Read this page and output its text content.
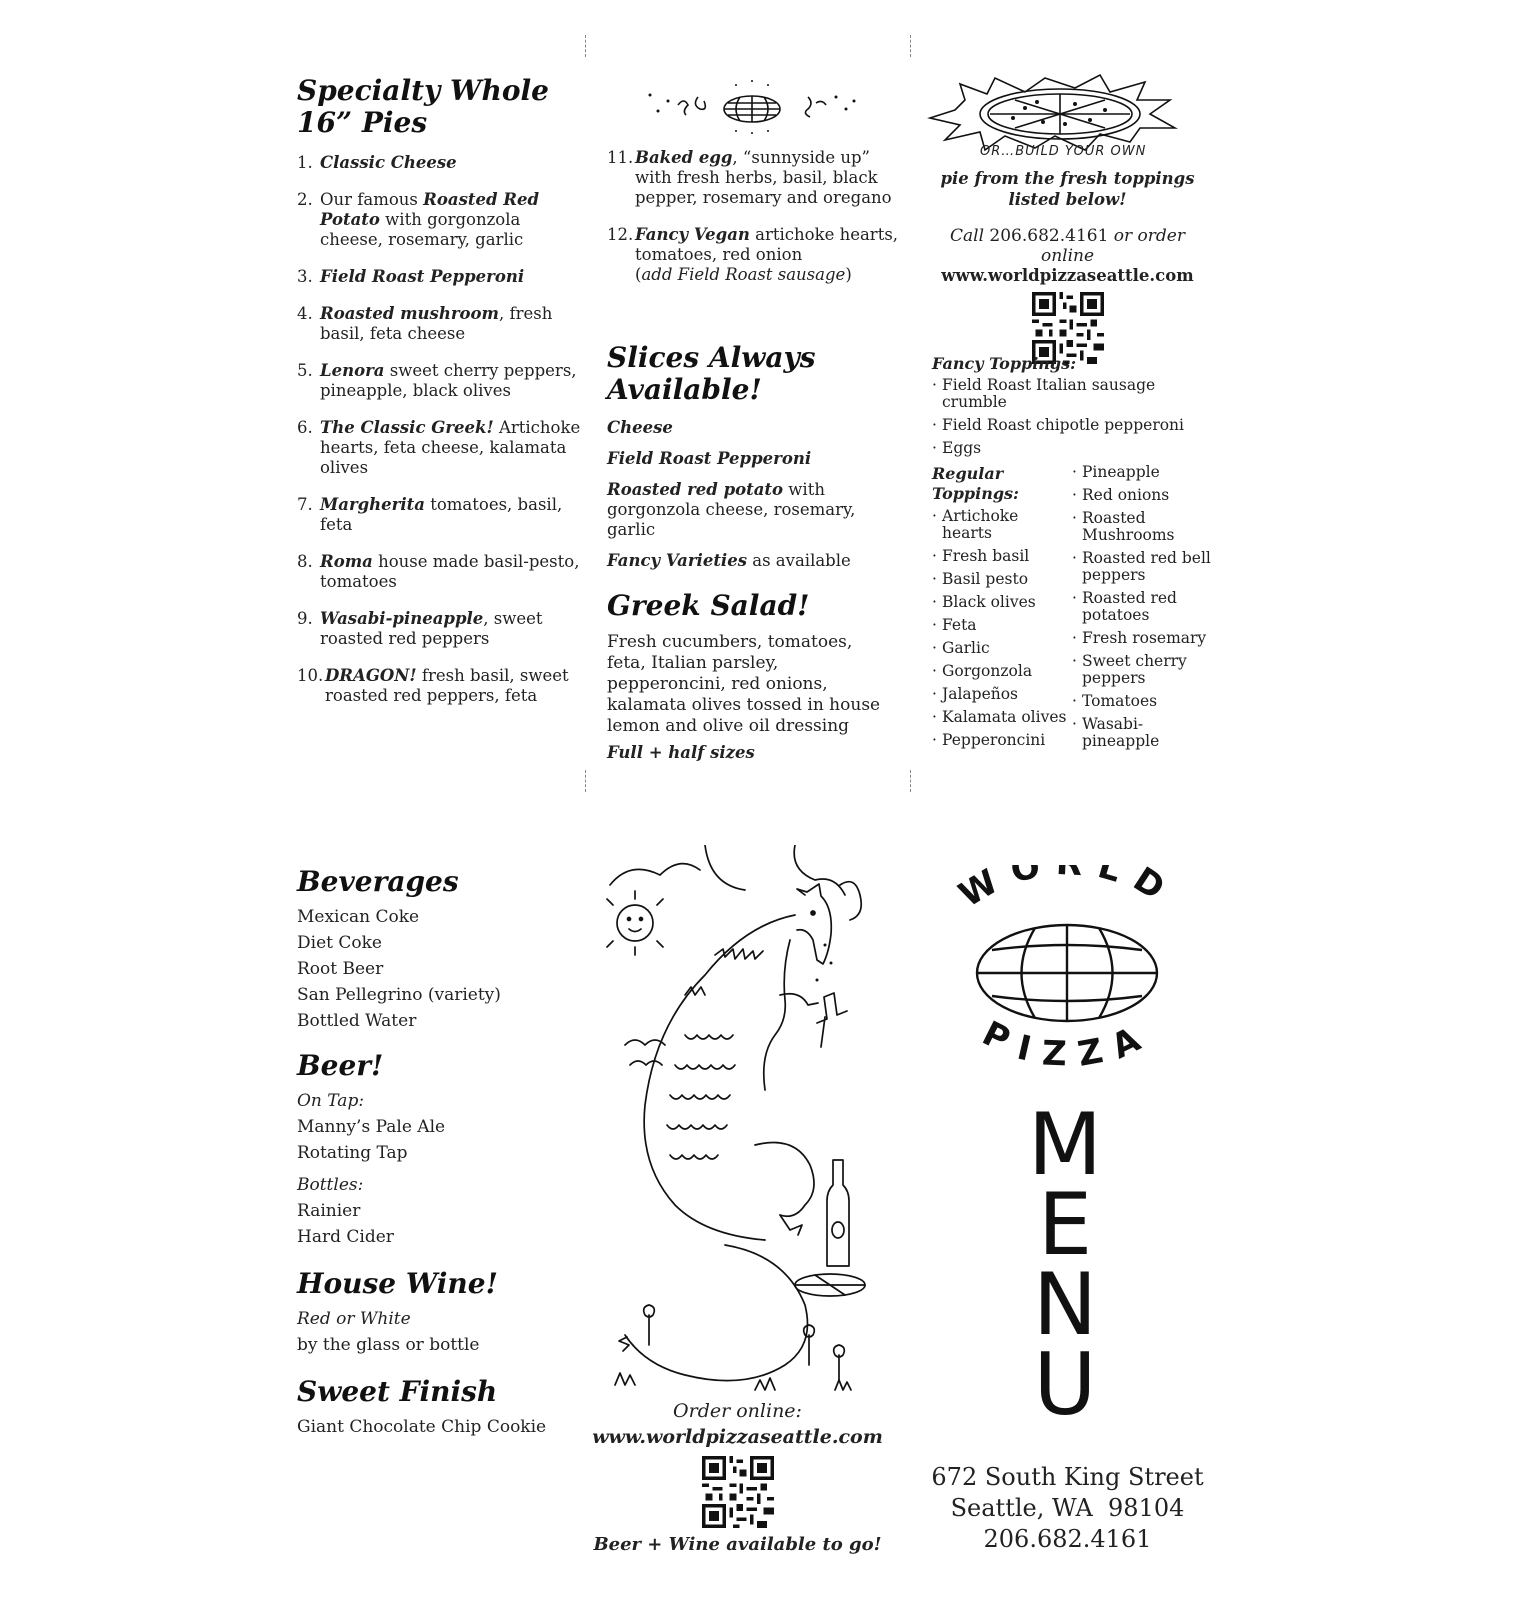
Specialty Whole
16” Pies
1. Classic Cheese
2. Our famous Roasted Red Potato with gorgonzola cheese, rosemary, garlic
3. Field Roast Pepperoni
4. Roasted mushroom, fresh basil, feta cheese
5. Lenora sweet cherry peppers, pineapple, black olives
6. The Classic Greek! Artichoke hearts, feta cheese, kalamata olives
7. Margherita tomatoes, basil, feta
8. Roma house made basil-pesto, tomatoes
9. Wasabi-pineapple, sweet roasted red peppers
10. DRAGON! fresh basil, sweet roasted red peppers, feta
11. Baked egg, “sunnyside up” with fresh herbs, basil, black pepper, rosemary and oregano
12. Fancy Vegan artichoke hearts, tomatoes, red onion
(add Field Roast sausage)
Slices Always
Available!
Cheese
Field Roast Pepperoni
Roasted red potato with gorgonzola cheese, rosemary, garlic
Fancy Varieties as available
Greek Salad!
Fresh cucumbers, tomatoes, feta, Italian parsley, pepperoncini, red onions, kalamata olives tossed in house lemon and olive oil dressing
Full + half sizes
OR…BUILD YOUR OWN
pie from the fresh toppings
listed below!
Call 206.682.4161 or order online
www.worldpizzaseattle.com
Fancy Toppings:
· Field Roast Italian sausage crumble
· Field Roast chipotle pepperoni
· Eggs
Regular
Toppings:
· Artichoke hearts
· Fresh basil
· Basil pesto
· Black olives
· Feta
· Garlic
· Gorgonzola
· Jalapeños
· Kalamata olives
· Pepperoncini
· Pineapple
· Red onions
· Roasted Mushrooms
· Roasted red bell peppers
· Roasted red potatoes
· Fresh rosemary
· Sweet cherry peppers
· Tomatoes
· Wasabi-pineapple
Beverages
Mexican Coke
Diet Coke
Root Beer
San Pellegrino (variety)
Bottled Water
Beer!
On Tap:
Manny’s Pale Ale
Rotating Tap
Bottles:
Rainier
Hard Cider
House Wine!
Red or White
by the glass or bottle
Sweet Finish
Giant Chocolate Chip Cookie
Order online:
www.worldpizzaseattle.com
Beer + Wine available to go!
WO LD
PIZZA
MENU
672 South King Street
Seattle, WA  98104
206.682.4161
